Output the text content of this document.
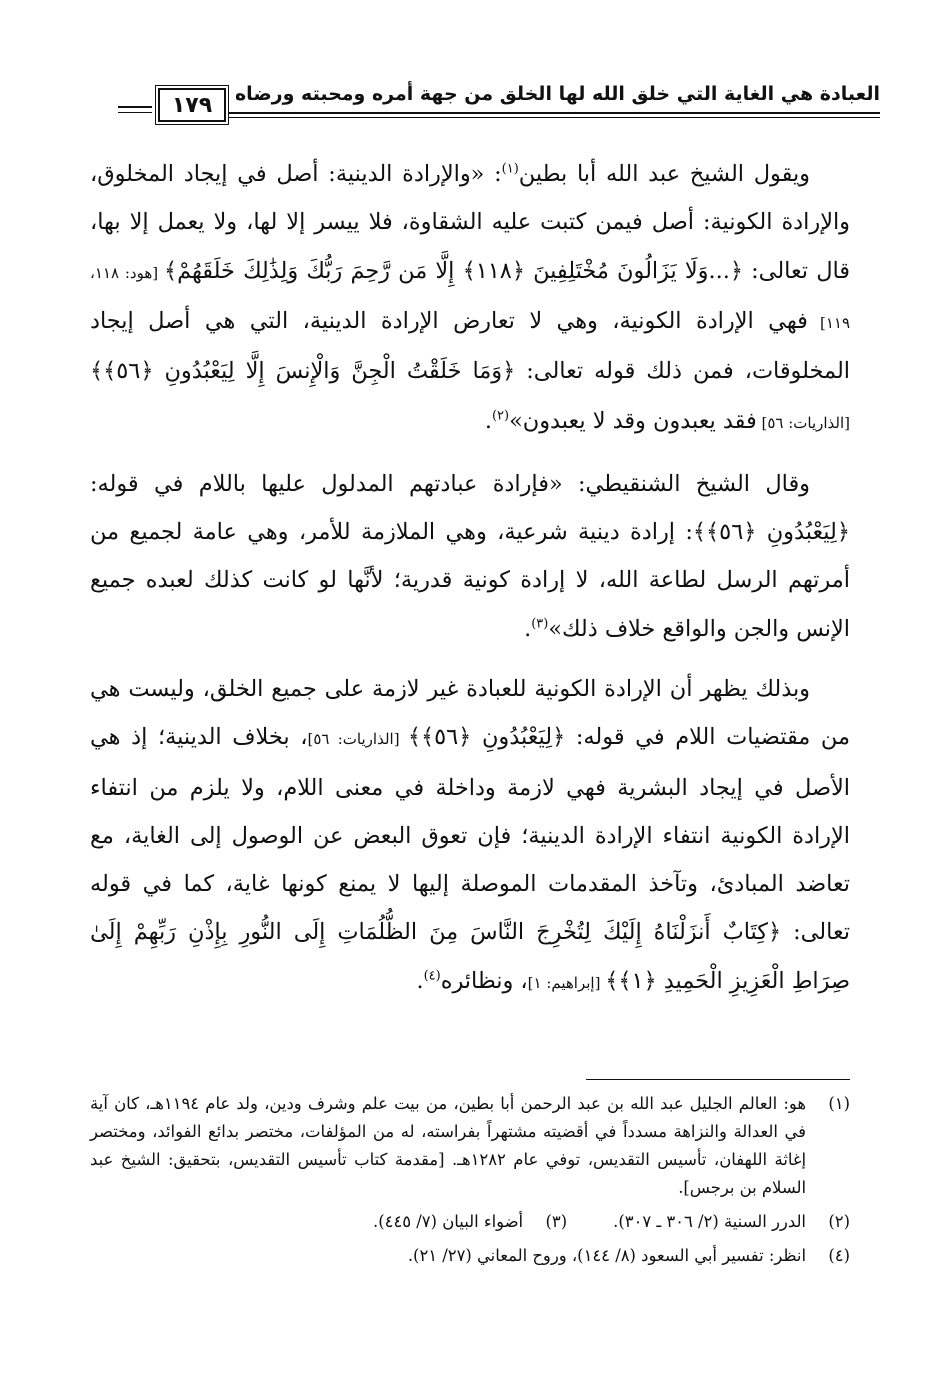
العبادة هي الغاية التي خلق الله لها الخلق من جهة أمره ومحبته ورضاه
١٧٩

ويقول الشيخ عبد الله أبا بطين$^{(١)}$: «والإرادة الدينية: أصل في إيجاد المخلوق، والإرادة الكونية: أصل فيمن كتبت عليه الشقاوة، فلا ييسر إلا لها، ولا يعمل إلا بها، قال تعالى: ﴿...وَلَا يَزَالُونَ مُخْتَلِفِينَ ﴿١١٨﴾ إِلَّا مَن رَّحِمَ رَبُّكَ وَلِذَٰلِكَ خَلَقَهُمْ﴾ [هود: ١١٨، ١١٩] فهي الإرادة الكونية، وهي لا تعارض الإرادة الدينية، التي هي أصل إيجاد المخلوقات، فمن ذلك قوله تعالى: ﴿وَمَا خَلَقْتُ الْجِنَّ وَالْإِنسَ إِلَّا لِيَعْبُدُونِ ﴿٥٦﴾﴾ [الذاريات: ٥٦] فقد يعبدون وقد لا يعبدون»$^{(٢)}$.

وقال الشيخ الشنقيطي: «فإرادة عبادتهم المدلول عليها باللام في قوله: ﴿لِيَعْبُدُونِ ﴿٥٦﴾﴾: إرادة دينية شرعية، وهي الملازمة للأمر، وهي عامة لجميع من أمرتهم الرسل لطاعة الله، لا إرادة كونية قدرية؛ لأنَّها لو كانت كذلك لعبده جميع الإنس والجن والواقع خلاف ذلك»$^{(٣)}$.

وبذلك يظهر أن الإرادة الكونية للعبادة غير لازمة على جميع الخلق، وليست هي من مقتضيات اللام في قوله: ﴿لِيَعْبُدُونِ ﴿٥٦﴾﴾ [الذاريات: ٥٦]، بخلاف الدينية؛ إذ هي الأصل في إيجاد البشرية فهي لازمة وداخلة في معنى اللام، ولا يلزم من انتفاء الإرادة الكونية انتفاء الإرادة الدينية؛ فإن تعوق البعض عن الوصول إلى الغاية، مع تعاضد المبادئ، وتآخذ المقدمات الموصلة إليها لا يمنع كونها غاية، كما في قوله تعالى: ﴿كِتَابٌ أَنزَلْنَاهُ إِلَيْكَ لِتُخْرِجَ النَّاسَ مِنَ الظُّلُمَاتِ إِلَى النُّورِ بِإِذْنِ رَبِّهِمْ إِلَىٰ صِرَاطِ الْعَزِيزِ الْحَمِيدِ ﴿١﴾﴾ [إبراهيم: ١]، ونظائره$^{(٤)}$.

(١)
هو: العالم الجليل عبد الله بن عبد الرحمن أبا بطين، من بيت علم وشرف ودين، ولد عام ١١٩٤هـ، كان آية في العدالة والنزاهة مسدداً في أقضيته مشتهراً بفراسته، له من المؤلفات، مختصر بدائع الفوائد، ومختصر إغاثة اللهفان، تأسيس التقديس، توفي عام ١٢٨٢هـ. [مقدمة كتاب تأسيس التقديس، بتحقيق: الشيخ عبد السلام بن برجس].
(٢)
الدرر السنية (٢/ ٣٠٦ ـ ٣٠٧).
(٣)
أضواء البيان (٧/ ٤٤٥).
(٤)
انظر: تفسير أبي السعود (٨/ ١٤٤)، وروح المعاني (٢٧/ ٢١).
